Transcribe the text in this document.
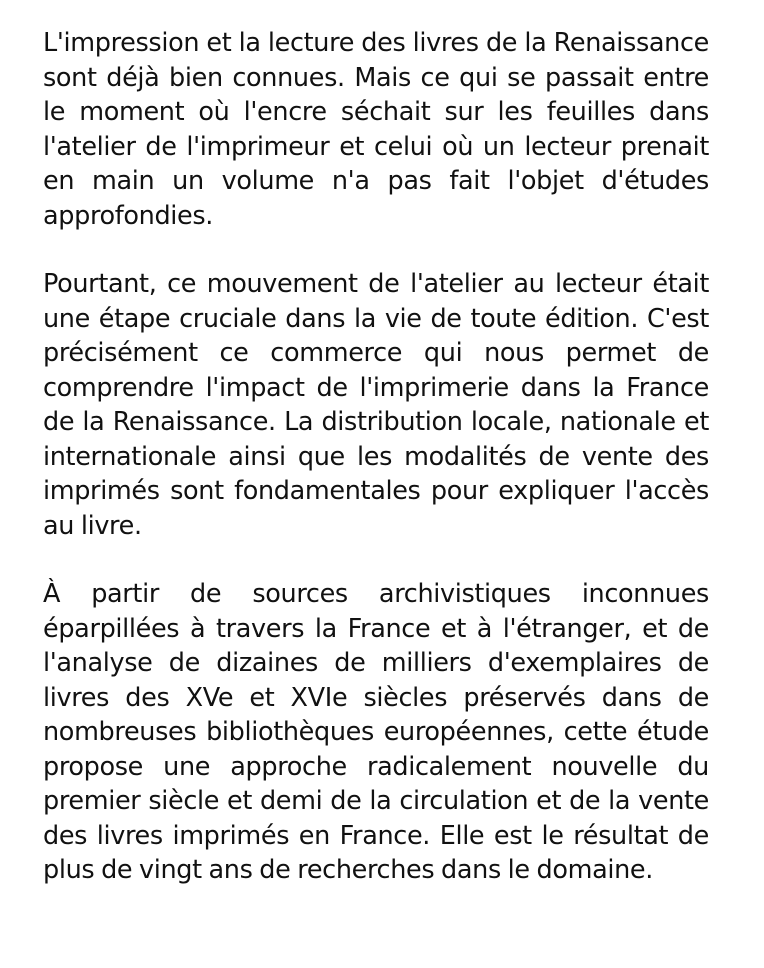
L'impression et la lecture des livres de la Renaissance sont déjà bien connues. Mais ce qui se passait entre le moment où l'encre séchait sur les feuilles dans l'atelier de l'imprimeur et celui où un lecteur prenait en main un volume n'a pas fait l'objet d'études approfondies.

Pourtant, ce mouvement de l'atelier au lecteur était une étape cruciale dans la vie de toute édition. C'est précisément ce commerce qui nous permet de comprendre l'impact de l'imprimerie dans la France de la Renaissance. La distribution locale, nationale et internationale ainsi que les modalités de vente des imprimés sont fondamentales pour expliquer l'accès au livre.

À partir de sources archivistiques inconnues éparpillées à travers la France et à l'étranger, et de l'analyse de dizaines de milliers d'exemplaires de livres des XVe et XVIe siècles préservés dans de nombreuses bibliothèques européennes, cette étude propose une approche radicalement nouvelle du premier siècle et demi de la circulation et de la vente des livres imprimés en France. Elle est le résultat de plus de vingt ans de recherches dans le domaine.
